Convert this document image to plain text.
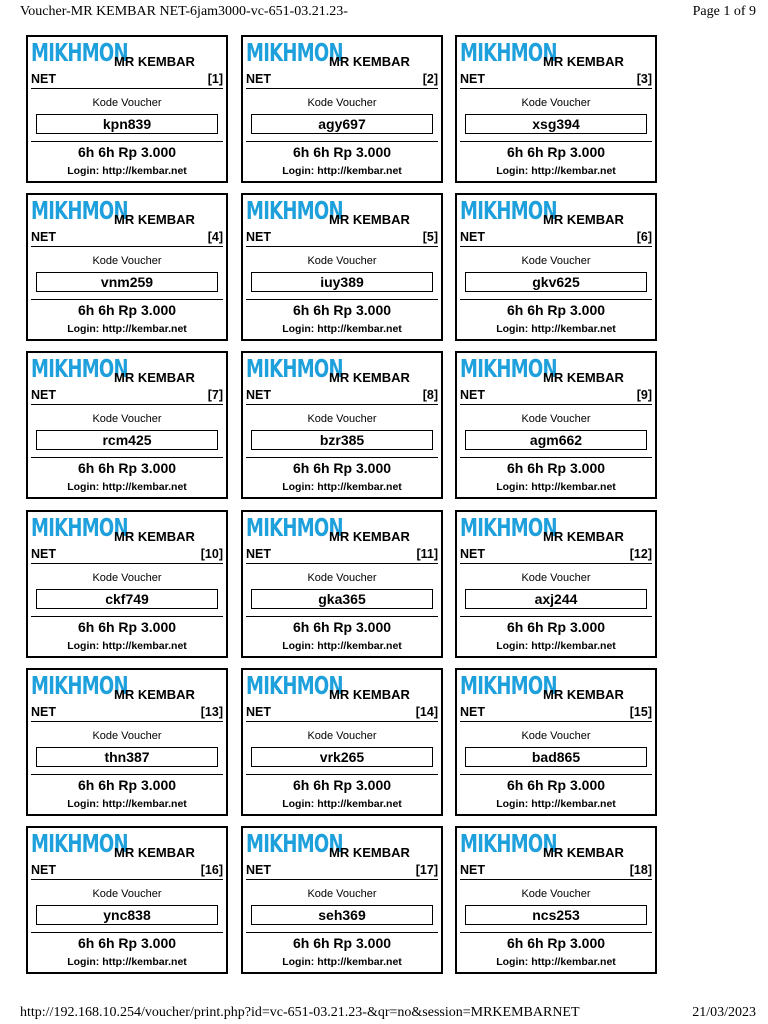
Voucher-MR KEMBAR NET-6jam3000-vc-651-03.21.23-	Page 1 of 9
MIKHMON
MR KEMBAR
NET	[1]
Kode Voucher
kpn839
6h 6h Rp 3.000
Login: http://kembar.net
MIKHMON
MR KEMBAR
NET	[2]
Kode Voucher
agy697
6h 6h Rp 3.000
Login: http://kembar.net
MIKHMON
MR KEMBAR
NET	[3]
Kode Voucher
xsg394
6h 6h Rp 3.000
Login: http://kembar.net
MIKHMON
MR KEMBAR
NET	[4]
Kode Voucher
vnm259
6h 6h Rp 3.000
Login: http://kembar.net
MIKHMON
MR KEMBAR
NET	[5]
Kode Voucher
iuy389
6h 6h Rp 3.000
Login: http://kembar.net
MIKHMON
MR KEMBAR
NET	[6]
Kode Voucher
gkv625
6h 6h Rp 3.000
Login: http://kembar.net
MIKHMON
MR KEMBAR
NET	[7]
Kode Voucher
rcm425
6h 6h Rp 3.000
Login: http://kembar.net
MIKHMON
MR KEMBAR
NET	[8]
Kode Voucher
bzr385
6h 6h Rp 3.000
Login: http://kembar.net
MIKHMON
MR KEMBAR
NET	[9]
Kode Voucher
agm662
6h 6h Rp 3.000
Login: http://kembar.net
MIKHMON
MR KEMBAR
NET	[10]
Kode Voucher
ckf749
6h 6h Rp 3.000
Login: http://kembar.net
MIKHMON
MR KEMBAR
NET	[11]
Kode Voucher
gka365
6h 6h Rp 3.000
Login: http://kembar.net
MIKHMON
MR KEMBAR
NET	[12]
Kode Voucher
axj244
6h 6h Rp 3.000
Login: http://kembar.net
MIKHMON
MR KEMBAR
NET	[13]
Kode Voucher
thn387
6h 6h Rp 3.000
Login: http://kembar.net
MIKHMON
MR KEMBAR
NET	[14]
Kode Voucher
vrk265
6h 6h Rp 3.000
Login: http://kembar.net
MIKHMON
MR KEMBAR
NET	[15]
Kode Voucher
bad865
6h 6h Rp 3.000
Login: http://kembar.net
MIKHMON
MR KEMBAR
NET	[16]
Kode Voucher
ync838
6h 6h Rp 3.000
Login: http://kembar.net
MIKHMON
MR KEMBAR
NET	[17]
Kode Voucher
seh369
6h 6h Rp 3.000
Login: http://kembar.net
MIKHMON
MR KEMBAR
NET	[18]
Kode Voucher
ncs253
6h 6h Rp 3.000
Login: http://kembar.net
http://192.168.10.254/voucher/print.php?id=vc-651-03.21.23-&qr=no&session=MRKEMBARNET	21/03/2023
